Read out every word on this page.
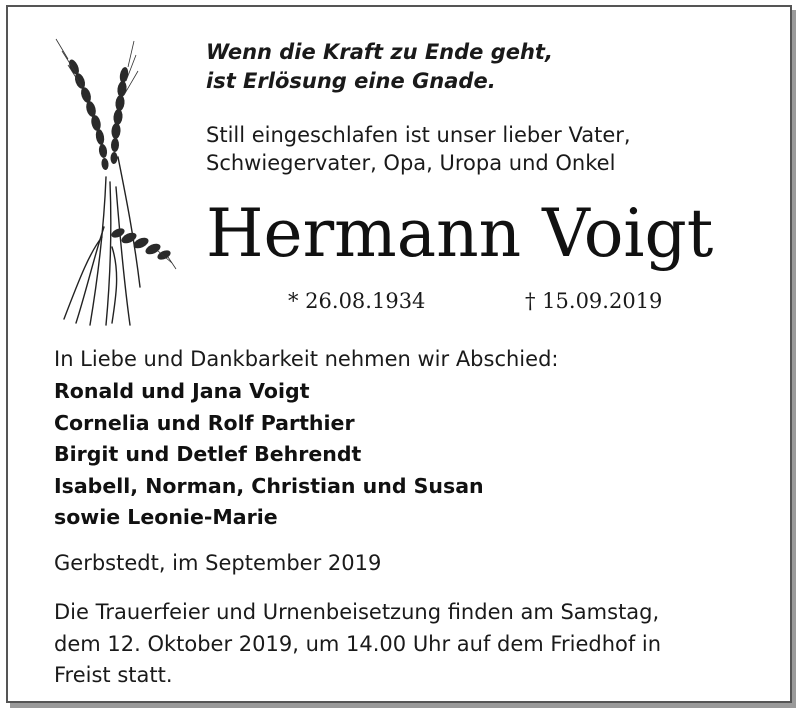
Wenn die Kraft zu Ende geht,
ist Erlösung eine Gnade.
Still eingeschlafen ist unser lieber Vater,
Schwiegervater, Opa, Uropa und Onkel
Hermann Voigt
* 26.08.1934	† 15.09.2019
In Liebe und Dankbarkeit nehmen wir Abschied:
Ronald und Jana Voigt
Cornelia und Rolf Parthier
Birgit und Detlef Behrendt
Isabell, Norman, Christian und Susan
sowie Leonie-Marie
Gerbstedt, im September 2019
Die Trauerfeier und Urnenbeisetzung finden am Samstag,
dem 12. Oktober 2019, um 14.00 Uhr auf dem Friedhof in
Freist statt.
